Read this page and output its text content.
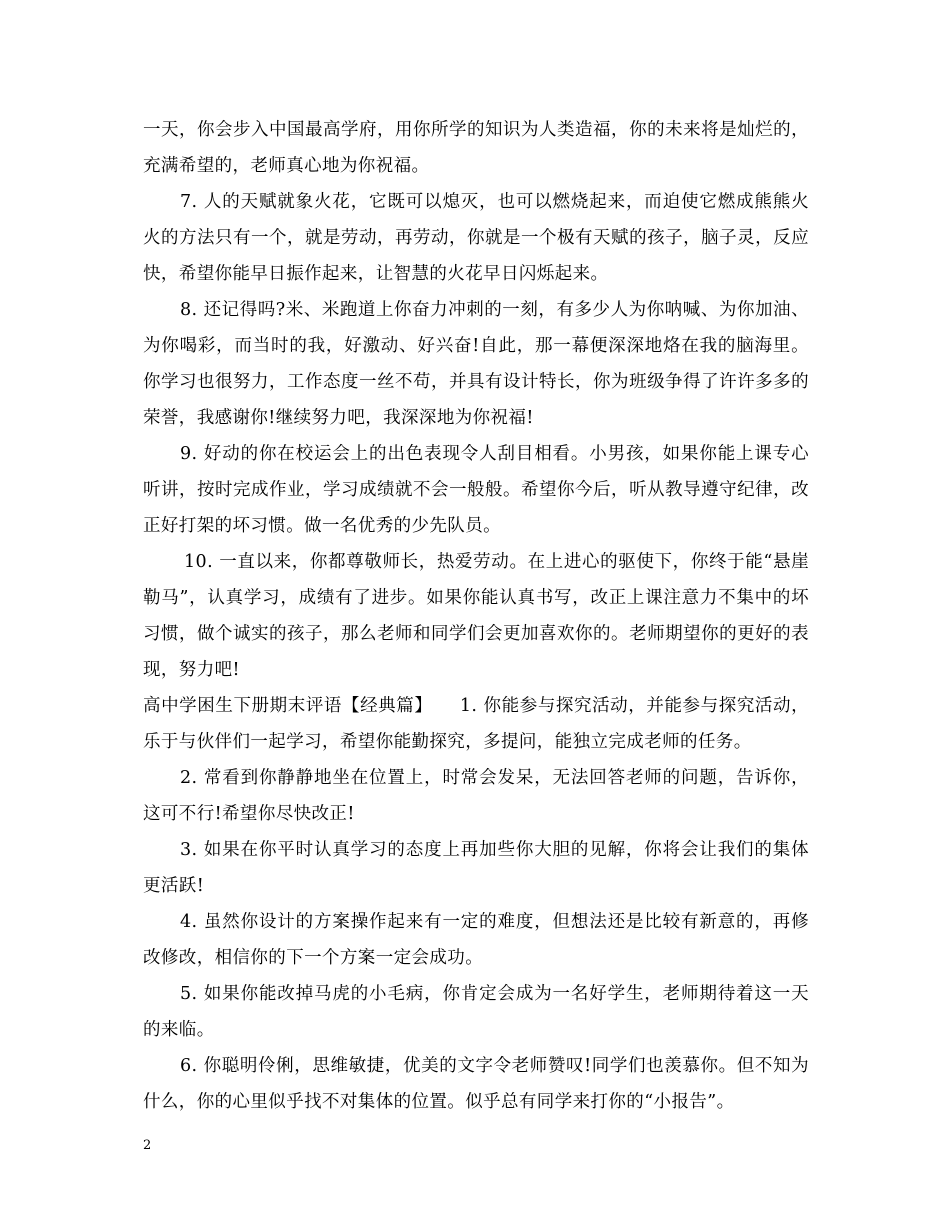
一天，你会步入中国最高学府，用你所学的知识为人类造福，你的未来将是灿烂的，充满希望的，老师真心地为你祝福。

7. 人的天赋就象火花，它既可以熄灭，也可以燃烧起来，而迫使它燃成熊熊火火的方法只有一个，就是劳动，再劳动，你就是一个极有天赋的孩子，脑子灵，反应快，希望你能早日振作起来，让智慧的火花早日闪烁起来。

8. 还记得吗?米、米跑道上你奋力冲刺的一刻，有多少人为你呐喊、为你加油、为你喝彩，而当时的我，好激动、好兴奋!自此，那一幕便深深地烙在我的脑海里。你学习也很努力，工作态度一丝不苟，并具有设计特长，你为班级争得了许许多多的荣誉，我感谢你!继续努力吧，我深深地为你祝福!

9. 好动的你在校运会上的出色表现令人刮目相看。小男孩，如果你能上课专心听讲，按时完成作业，学习成绩就不会一般般。希望你今后，听从教导遵守纪律，改正好打架的坏习惯。做一名优秀的少先队员。

10. 一直以来，你都尊敬师长，热爱劳动。在上进心的驱使下，你终于能“悬崖勒马”，认真学习，成绩有了进步。如果你能认真书写，改正上课注意力不集中的坏习惯，做个诚实的孩子，那么老师和同学们会更加喜欢你的。老师期望你的更好的表现，努力吧!

高中学困生下册期末评语【经典篇】　　1. 你能参与探究活动，并能参与探究活动，乐于与伙伴们一起学习，希望你能勤探究，多提问，能独立完成老师的任务。

2. 常看到你静静地坐在位置上，时常会发呆，无法回答老师的问题，告诉你，这可不行!希望你尽快改正!

3. 如果在你平时认真学习的态度上再加些你大胆的见解，你将会让我们的集体更活跃!

4. 虽然你设计的方案操作起来有一定的难度，但想法还是比较有新意的，再修改修改，相信你的下一个方案一定会成功。

5. 如果你能改掉马虎的小毛病，你肯定会成为一名好学生，老师期待着这一天的来临。

6. 你聪明伶俐，思维敏捷，优美的文字令老师赞叹!同学们也羡慕你。但不知为什么，你的心里似乎找不对集体的位置。似乎总有同学来打你的“小报告”。

2
